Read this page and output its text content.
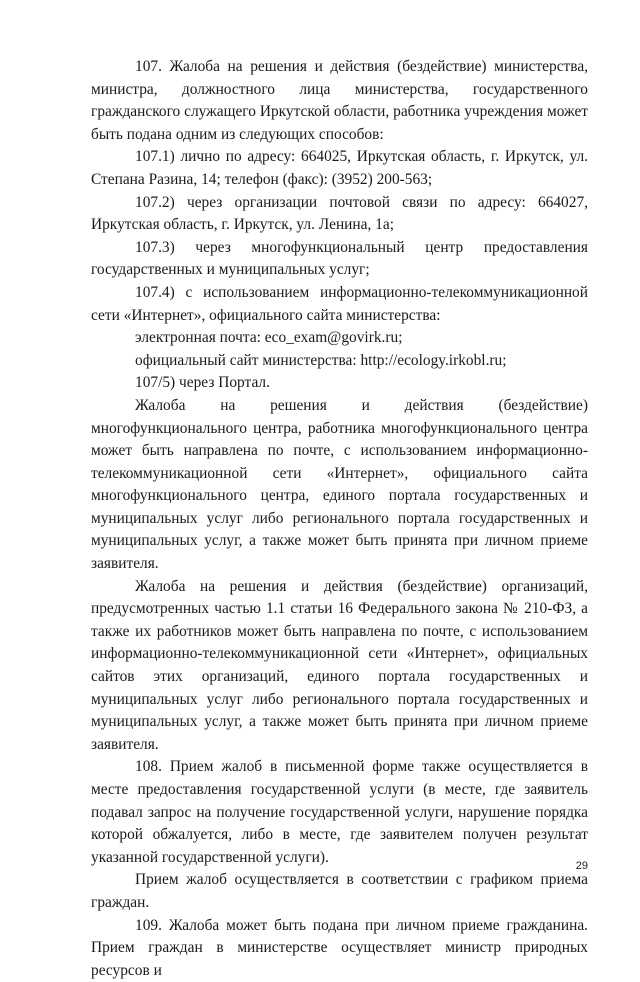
107. Жалоба на решения и действия (бездействие) министерства, министра, должностного лица министерства, государственного гражданского служащего Иркутской области, работника учреждения может быть подана одним из следующих способов:

107.1) лично по адресу: 664025, Иркутская область, г. Иркутск, ул. Степана Разина, 14; телефон (факс): (3952) 200-563;

107.2) через организации почтовой связи по адресу: 664027, Иркутская область, г. Иркутск, ул. Ленина, 1а;

107.3) через многофункциональный центр предоставления государственных и муниципальных услуг;

107.4) с использованием информационно-телекоммуникационной сети «Интернет», официального сайта министерства:

электронная почта: eco_exam@govirk.ru;

официальный сайт министерства: http://ecology.irkobl.ru;

107/5) через Портал.

Жалоба на решения и действия (бездействие) многофункционального центра, работника многофункционального центра может быть направлена по почте, с использованием информационно-телекоммуникационной сети «Интернет», официального сайта многофункционального центра, единого портала государственных и муниципальных услуг либо регионального портала государственных и муниципальных услуг, а также может быть принята при личном приеме заявителя.

Жалоба на решения и действия (бездействие) организаций, предусмотренных частью 1.1 статьи 16 Федерального закона № 210-ФЗ, а также их работников может быть направлена по почте, с использованием информационно-телекоммуникационной сети «Интернет», официальных сайтов этих организаций, единого портала государственных и муниципальных услуг либо регионального портала государственных и муниципальных услуг, а также может быть принята при личном приеме заявителя.

108. Прием жалоб в письменной форме также осуществляется в месте предоставления государственной услуги (в месте, где заявитель подавал запрос на получение государственной услуги, нарушение порядка которой обжалуется, либо в месте, где заявителем получен результат указанной государственной услуги).

Прием жалоб осуществляется в соответствии с графиком приема граждан.

109. Жалоба может быть подана при личном приеме гражданина. Прием граждан в министерстве осуществляет министр природных ресурсов и

29
